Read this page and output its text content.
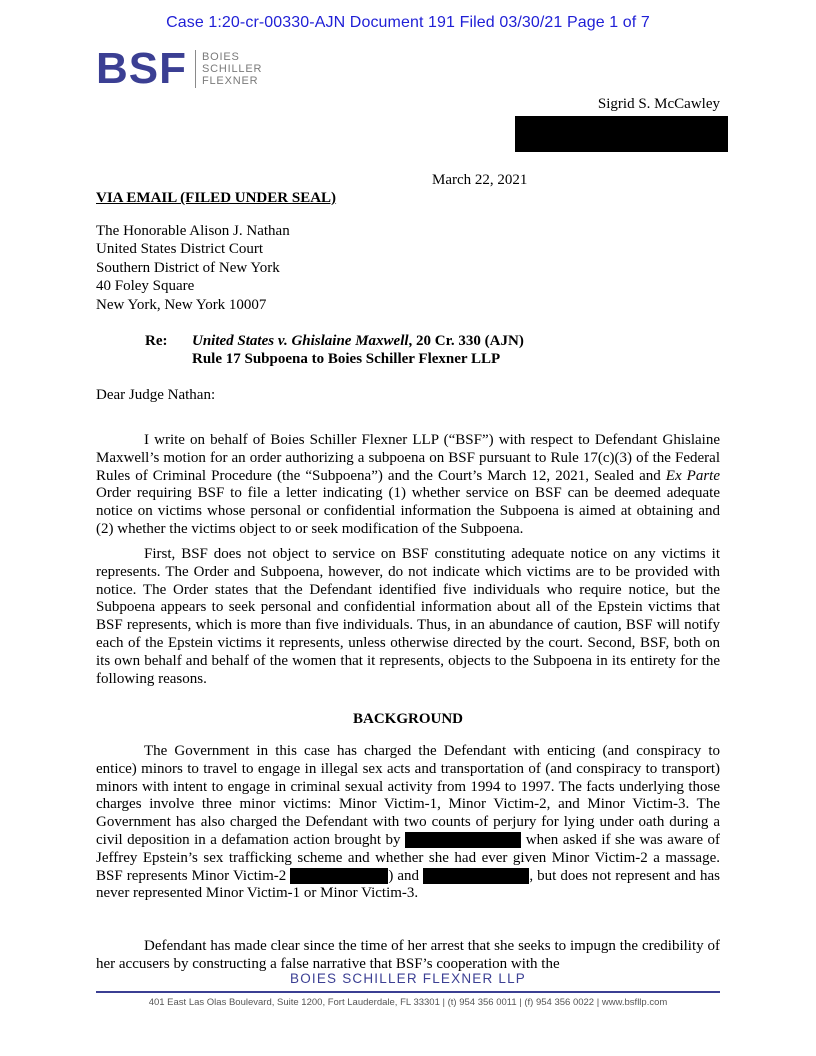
Case 1:20-cr-00330-AJN Document 191 Filed 03/30/21 Page 1 of 7
BSF BOIES
SCHILLER
FLEXNER
Sigrid S. McCawley
March 22, 2021
VIA EMAIL (FILED UNDER SEAL)
The Honorable Alison J. Nathan
United States District Court
Southern District of New York
40 Foley Square
New York, New York 10007
Re: United States v. Ghislaine Maxwell, 20 Cr. 330 (AJN)
Rule 17 Subpoena to Boies Schiller Flexner LLP
Dear Judge Nathan:

I write on behalf of Boies Schiller Flexner LLP (“BSF”) with respect to Defendant Ghislaine Maxwell’s motion for an order authorizing a subpoena on BSF pursuant to Rule 17(c)(3) of the Federal Rules of Criminal Procedure (the “Subpoena”) and the Court’s March 12, 2021, Sealed and Ex Parte Order requiring BSF to file a letter indicating (1) whether service on BSF can be deemed adequate notice on victims whose personal or confidential information the Subpoena is aimed at obtaining and (2) whether the victims object to or seek modification of the Subpoena.

First, BSF does not object to service on BSF constituting adequate notice on any victims it represents. The Order and Subpoena, however, do not indicate which victims are to be provided with notice. The Order states that the Defendant identified five individuals who require notice, but the Subpoena appears to seek personal and confidential information about all of the Epstein victims that BSF represents, which is more than five individuals. Thus, in an abundance of caution, BSF will notify each of the Epstein victims it represents, unless otherwise directed by the court. Second, BSF, both on its own behalf and behalf of the women that it represents, objects to the Subpoena in its entirety for the following reasons.

BACKGROUND

The Government in this case has charged the Defendant with enticing (and conspiracy to entice) minors to travel to engage in illegal sex acts and transportation of (and conspiracy to transport) minors with intent to engage in criminal sexual activity from 1994 to 1997. The facts underlying those charges involve three minor victims: Minor Victim-1, Minor Victim-2, and Minor Victim-3. The Government has also charged the Defendant with two counts of perjury for lying under oath during a civil deposition in a defamation action brought by	when asked if she was aware of Jeffrey Epstein’s sex trafficking scheme and whether she had ever given Minor Victim-2 a massage. BSF represents Minor Victim-2	) and	, but does not represent and has never represented Minor Victim-1 or Minor Victim-3.

Defendant has made clear since the time of her arrest that she seeks to impugn the credibility of her accusers by constructing a false narrative that BSF’s cooperation with the

BOIES SCHILLER FLEXNER LLP
401 East Las Olas Boulevard, Suite 1200, Fort Lauderdale, FL 33301 | (t) 954 356 0011 | (f) 954 356 0022 | www.bsfllp.com
